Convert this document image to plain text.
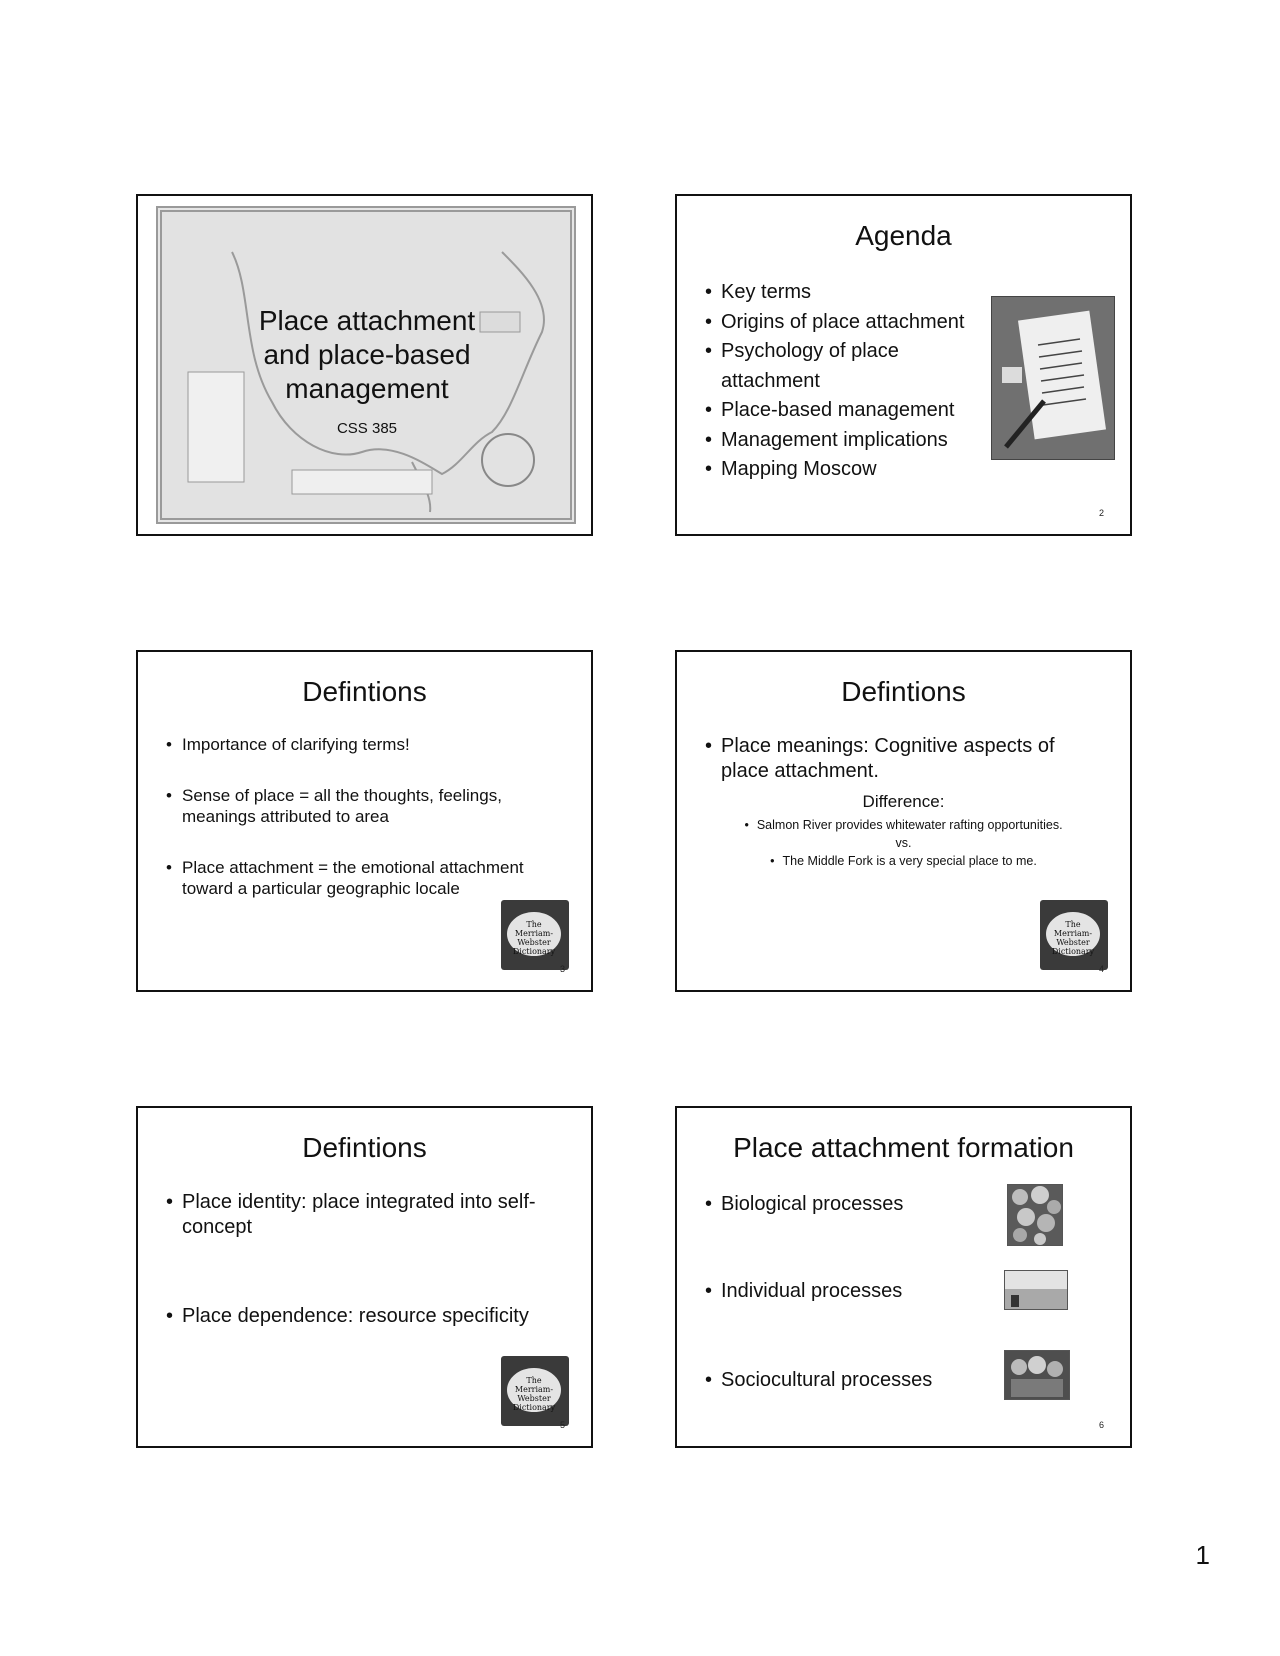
Place attachment
and place-based
management
CSS 385
Agenda
• Key terms
• Origins of place attachment
• Psychology of place attachment
• Place-based management
• Management implications
• Mapping Moscow
2
Defintions
• Importance of clarifying terms!
• Sense of place = all the thoughts, feelings, meanings attributed to area
• Place attachment = the emotional attachment toward a particular geographic locale
The
Merriam-
Webster
Dictionary
3
Defintions
• Place meanings: Cognitive aspects of place attachment.
Difference:
• Salmon River provides whitewater rafting opportunities.
vs.
• The Middle Fork is a very special place to me.
The
Merriam-
Webster
Dictionary
4
Defintions
• Place identity: place integrated into self-concept
• Place dependence: resource specificity
The
Merriam-
Webster
Dictionary
5
Place attachment formation
• Biological processes
• Individual processes
• Sociocultural processes
6
1
